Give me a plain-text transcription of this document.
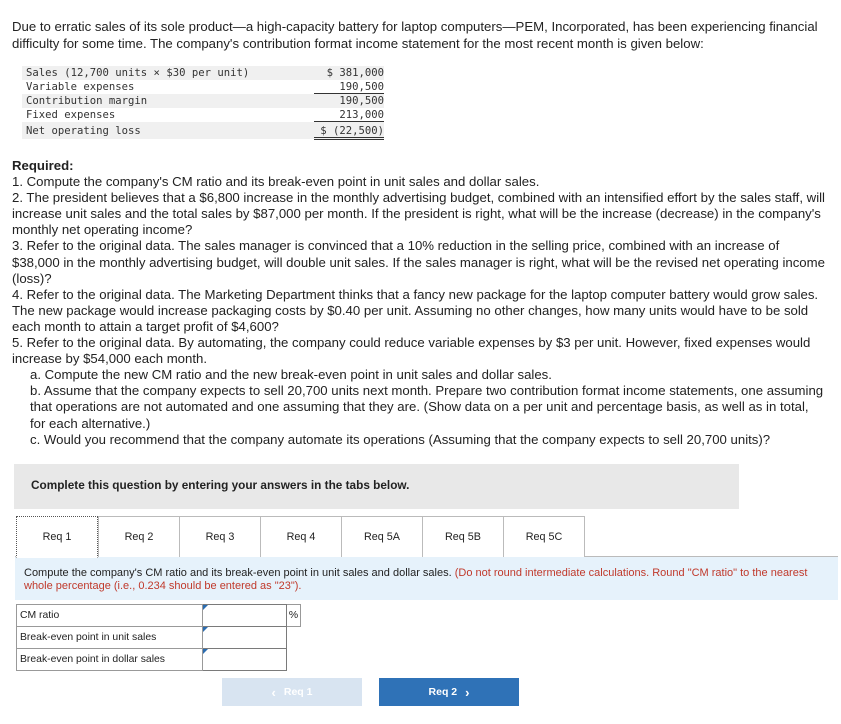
Due to erratic sales of its sole product—a high-capacity battery for laptop computers—PEM, Incorporated, has been experiencing financial difficulty for some time. The company's contribution format income statement for the most recent month is given below:

Sales (12,700 units × $30 per unit)	$ 381,000
Variable expenses	190,500
Contribution margin	190,500
Fixed expenses	213,000
Net operating loss	$ (22,500)
Required:
1. Compute the company's CM ratio and its break-even point in unit sales and dollar sales.
2. The president believes that a $6,800 increase in the monthly advertising budget, combined with an intensified effort by the sales staff, will increase unit sales and the total sales by $87,000 per month. If the president is right, what will be the increase (decrease) in the company's monthly net operating income?
3. Refer to the original data. The sales manager is convinced that a 10% reduction in the selling price, combined with an increase of $38,000 in the monthly advertising budget, will double unit sales. If the sales manager is right, what will be the revised net operating income (loss)?
4. Refer to the original data. The Marketing Department thinks that a fancy new package for the laptop computer battery would grow sales. The new package would increase packaging costs by $0.40 per unit. Assuming no other changes, how many units would have to be sold each month to attain a target profit of $4,600?
5. Refer to the original data. By automating, the company could reduce variable expenses by $3 per unit. However, fixed expenses would increase by $54,000 each month.
a. Compute the new CM ratio and the new break-even point in unit sales and dollar sales.
b. Assume that the company expects to sell 20,700 units next month. Prepare two contribution format income statements, one assuming that operations are not automated and one assuming that they are. (Show data on a per unit and percentage basis, as well as in total, for each alternative.)
c. Would you recommend that the company automate its operations (Assuming that the company expects to sell 20,700 units)?
Complete this question by entering your answers in the tabs below.
Req 1	Req 2	Req 3	Req 4	Req 5A	Req 5B	Req 5C
Compute the company's CM ratio and its break-even point in unit sales and dollar sales. (Do not round intermediate calculations. Round "CM ratio" to the nearest whole percentage (i.e., 0.234 should be entered as "23").
CM ratio		%
Break-even point in unit sales		
Break-even point in dollar sales		
‹ Req 1	Req 2 ›
